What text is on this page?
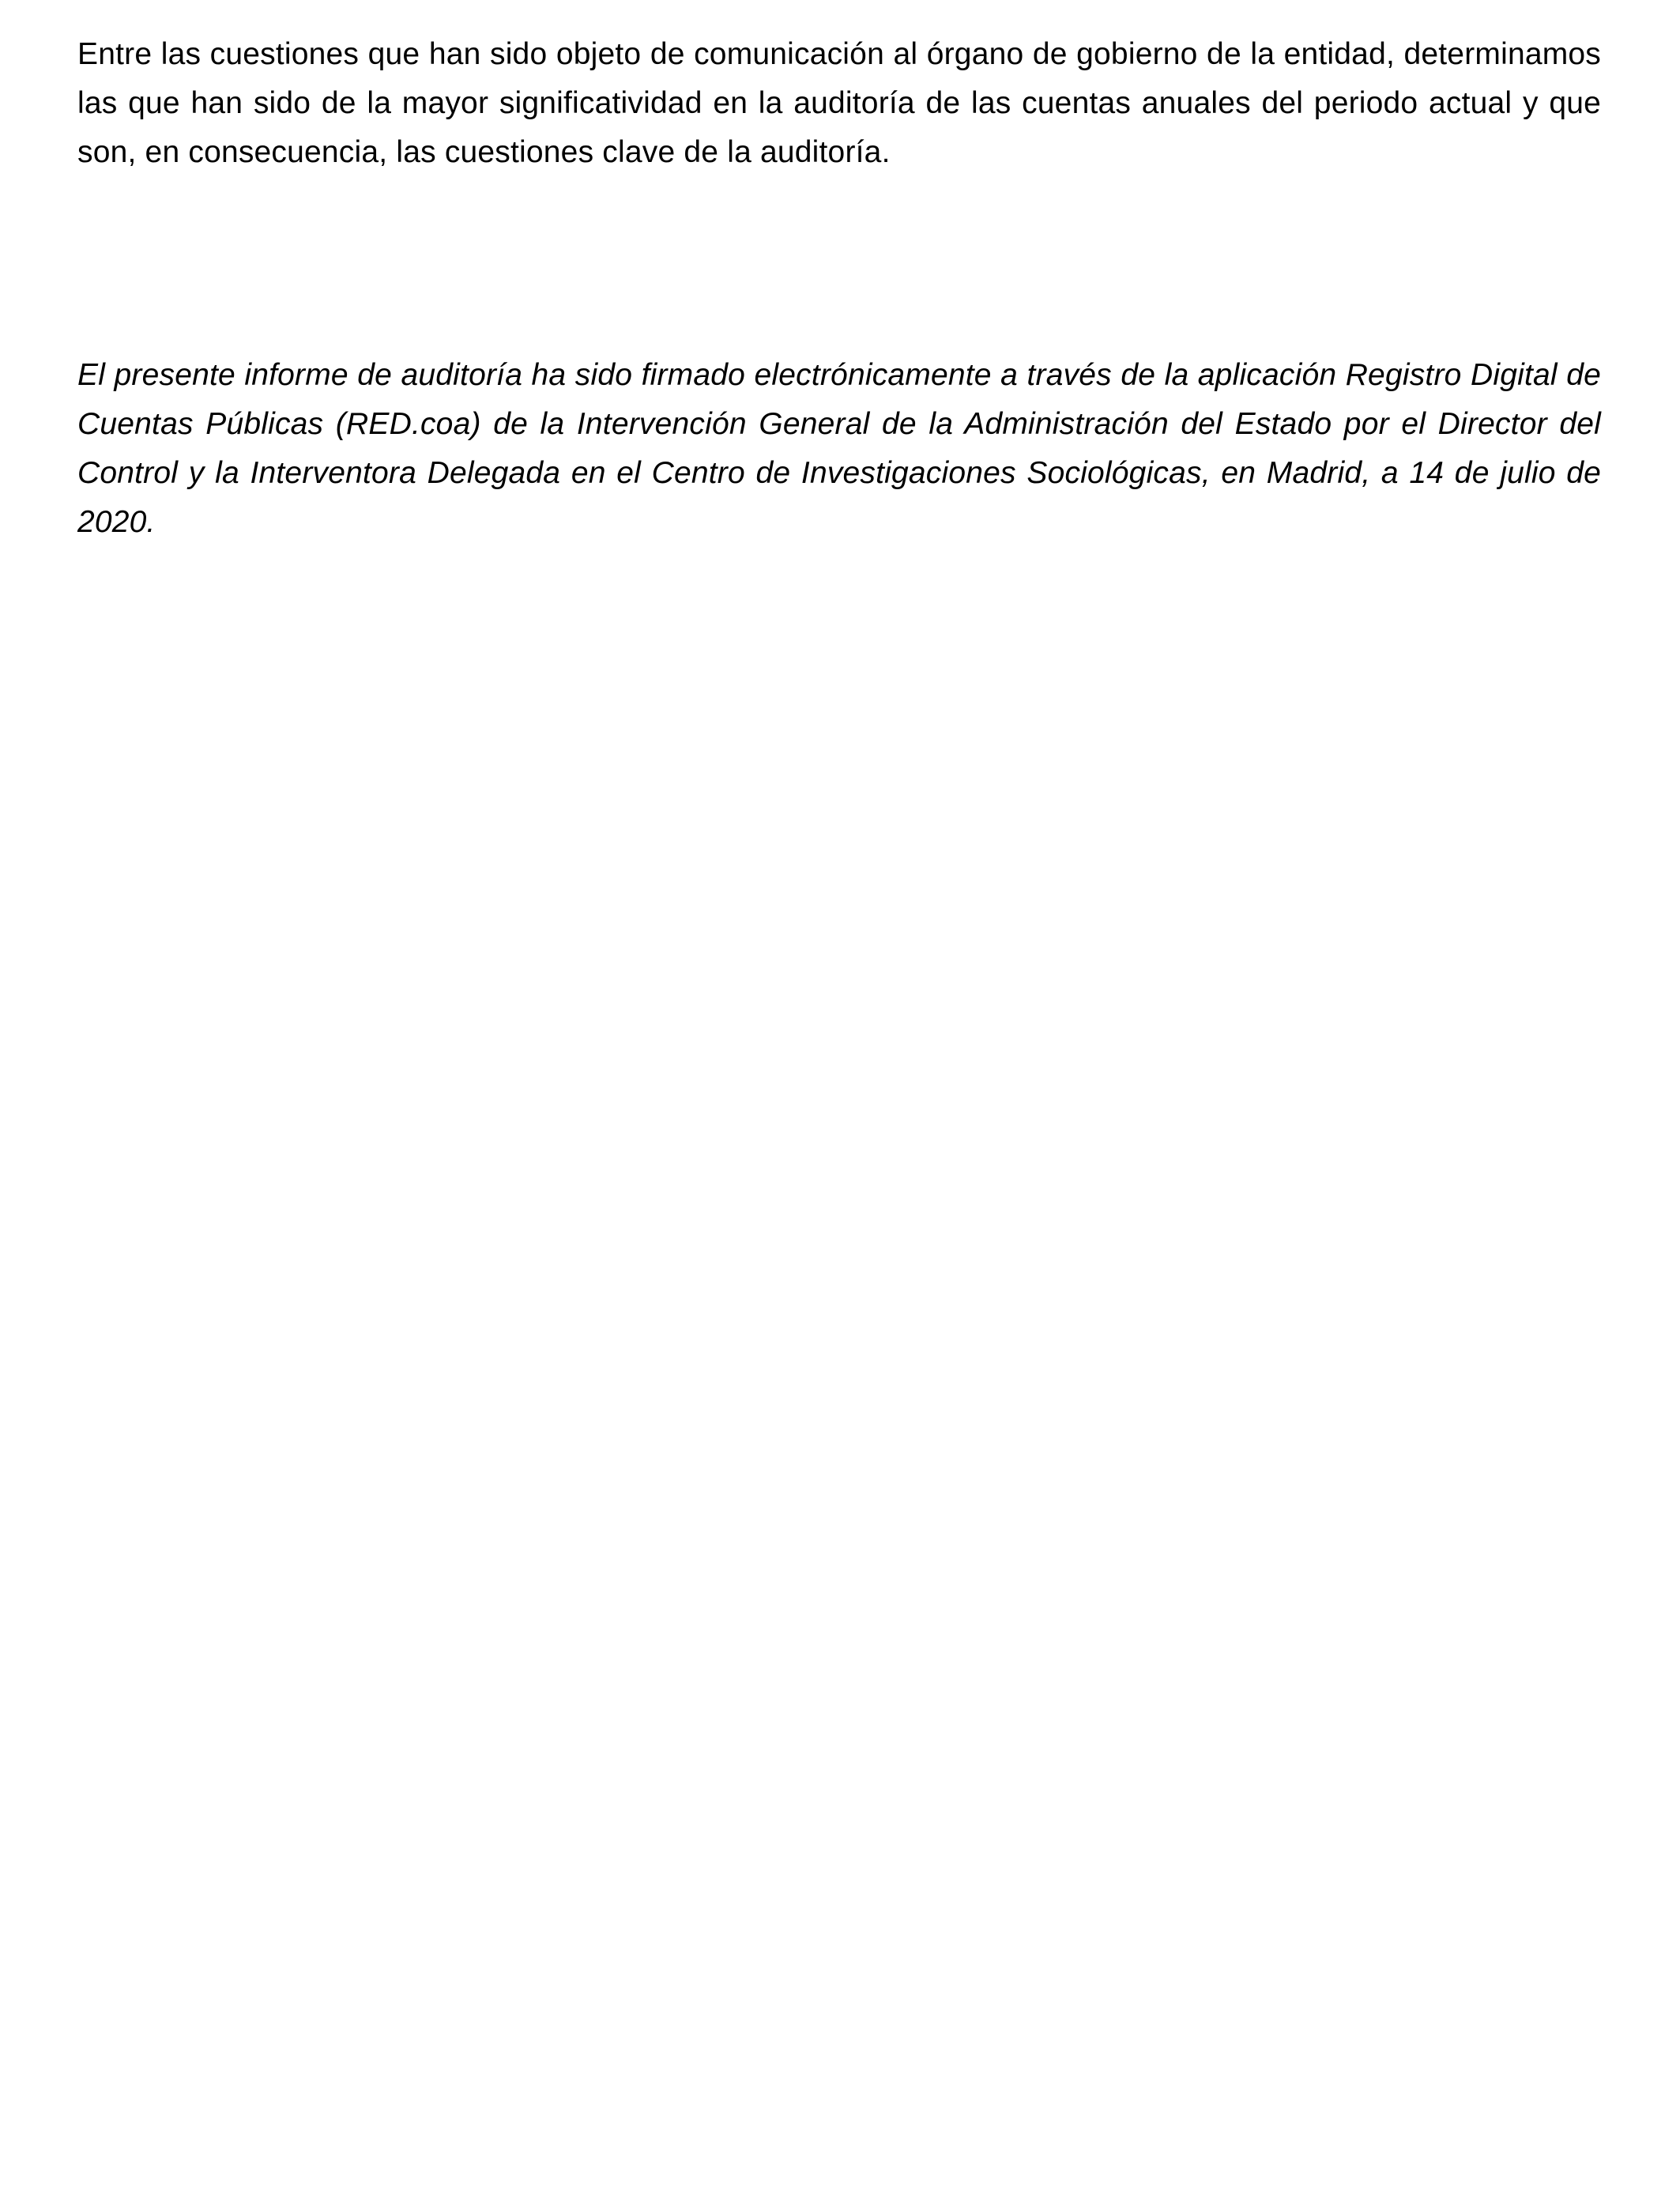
Entre las cuestiones que han sido objeto de comunicación al órgano de gobierno de la entidad, determinamos las que han sido de la mayor significatividad en la auditoría de las cuentas anuales del periodo actual y que son, en consecuencia, las cuestiones clave de la auditoría.

El presente informe de auditoría ha sido firmado electrónicamente a través de la aplicación Registro Digital de Cuentas Públicas (RED.coa) de la Intervención General de la Administración del Estado por el Director del Control y la Interventora Delegada en el Centro de Investigaciones Sociológicas, en Madrid, a 14 de julio de 2020.
